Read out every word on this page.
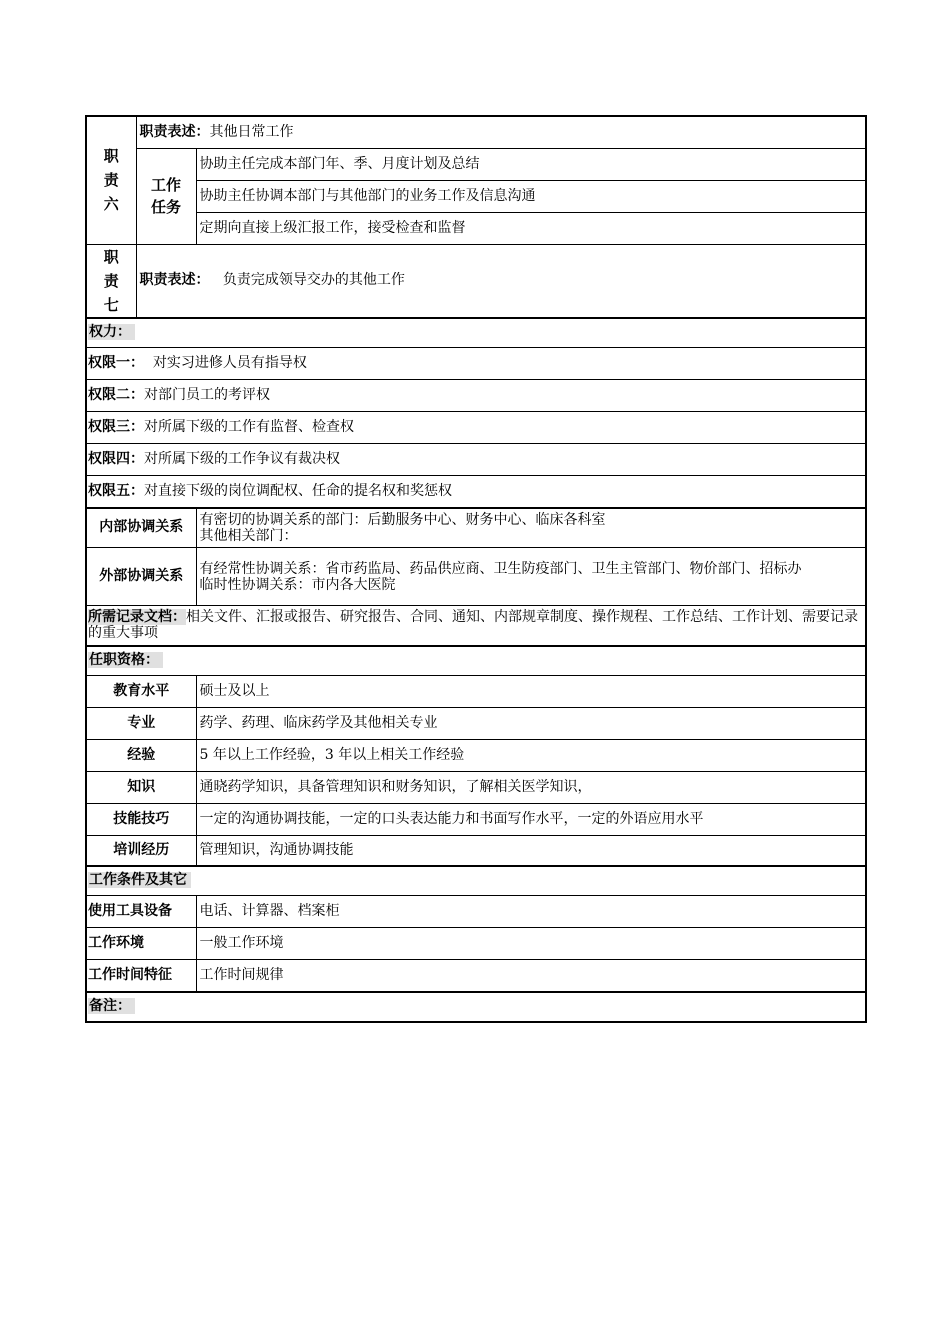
职
责
六	职责表述：其他日常工作	

	工作
任务	协助主任完成本部门年、季、月度计划及总结
		协助主任协调本部门与其他部门的业务工作及信息沟通
		定期向直接上级汇报工作，接受检查和监督

职
责
七	职责表述： 负责完成领导交办的其他工作	
权力：		
权限一： 对实习进修人员有指导权		
权限二：对部门员工的考评权		
权限三：对所属下级的工作有监督、检查权		
权限四：对所属下级的工作争议有裁决权		
权限五：对直接下级的岗位调配权、任命的提名权和奖惩权		
内部协调关系		有密切的协调关系的部门：后勤服务中心、财务中心、临床各科室
其他相关部门：

外部协调关系		有经常性协调关系：省市药监局、药品供应商、卫生防疫部门、卫生主管部门、物价部门、招标办
临时性协调关系：市内各大医院

所需记录文档：相关文件、汇报或报告、研究报告、合同、通知、内部规章制度、操作规程、工作总结、工作计划、需要记录的重大事项		
任职资格：		
教育水平		硕士及以上
专业		药学、药理、临床药学及其他相关专业
经验		5 年以上工作经验，3 年以上相关工作经验
知识		通晓药学知识，具备管理知识和财务知识，了解相关医学知识，
技能技巧		一定的沟通协调技能，一定的口头表达能力和书面写作水平，一定的外语应用水平
培训经历		管理知识，沟通协调技能
工作条件及其它		
使用工具设备		电话、计算器、档案柜
工作环境		一般工作环境
工作时间特征		工作时间规律
备注：		
